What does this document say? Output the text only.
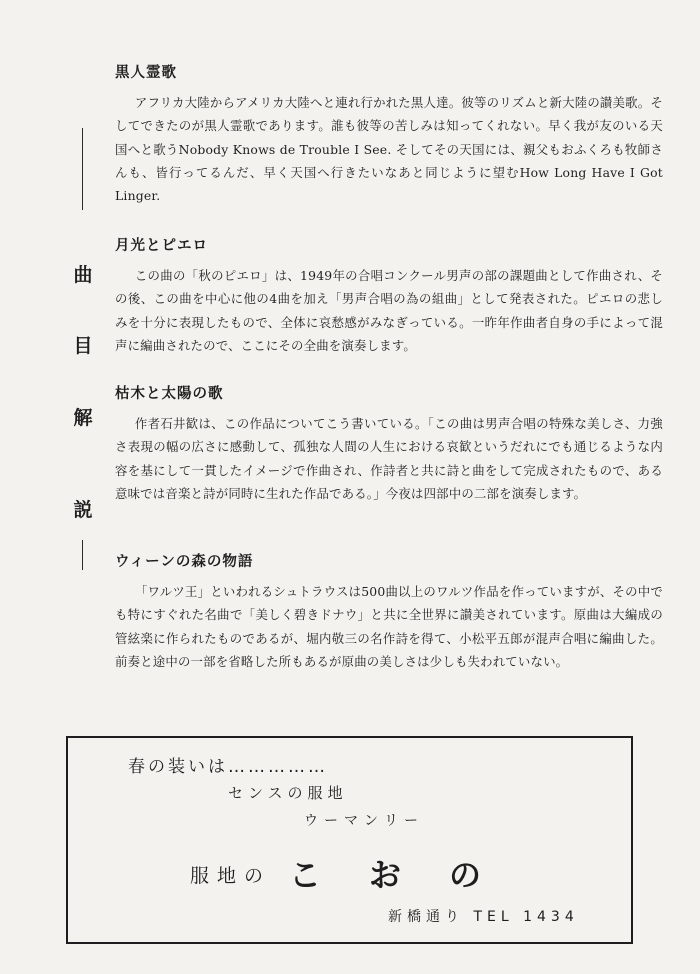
曲
目
解
説
黒人霊歌

アフリカ大陸からアメリカ大陸へと連れ行かれた黒人達。彼等のリズムと新大陸の讃美歌。そしてできたのが黒人霊歌であります。誰も彼等の苦しみは知ってくれない。早く我が友のいる天国へと歌うNobody Knows de Trouble I See. そしてその天国には、親父もおふくろも牧師さんも、皆行ってるんだ、早く天国へ行きたいなあと同じように望むHow Long Have I Got Linger.

月光とピエロ

この曲の「秋のピエロ」は、1949年の合唱コンクール男声の部の課題曲として作曲され、その後、この曲を中心に他の4曲を加え「男声合唱の為の組曲」として発表された。ピエロの悲しみを十分に表現したもので、全体に哀愁感がみなぎっている。一昨年作曲者自身の手によって混声に編曲されたので、ここにその全曲を演奏します。

枯木と太陽の歌

作者石井歓は、この作品についてこう書いている。「この曲は男声合唱の特殊な美しさ、力強さ表現の幅の広さに感動して、孤独な人間の人生における哀歓というだれにでも通じるような内容を基にして一貫したイメージで作曲され、作詩者と共に詩と曲をして完成されたもので、ある意味では音楽と詩が同時に生れた作品である。」今夜は四部中の二部を演奏します。

ウィーンの森の物語

「ワルツ王」といわれるシュトラウスは500曲以上のワルツ作品を作っていますが、その中でも特にすぐれた名曲で「美しく碧きドナウ」と共に全世界に讃美されています。原曲は大編成の管絃楽に作られたものであるが、堀内敬三の名作詩を得て、小松平五郎が混声合唱に編曲した。前奏と途中の一部を省略した所もあるが原曲の美しさは少しも失われていない。

春の装いは……………
センスの服地
ウーマンリー
服地の こおの
新橋通り TEL 1434
